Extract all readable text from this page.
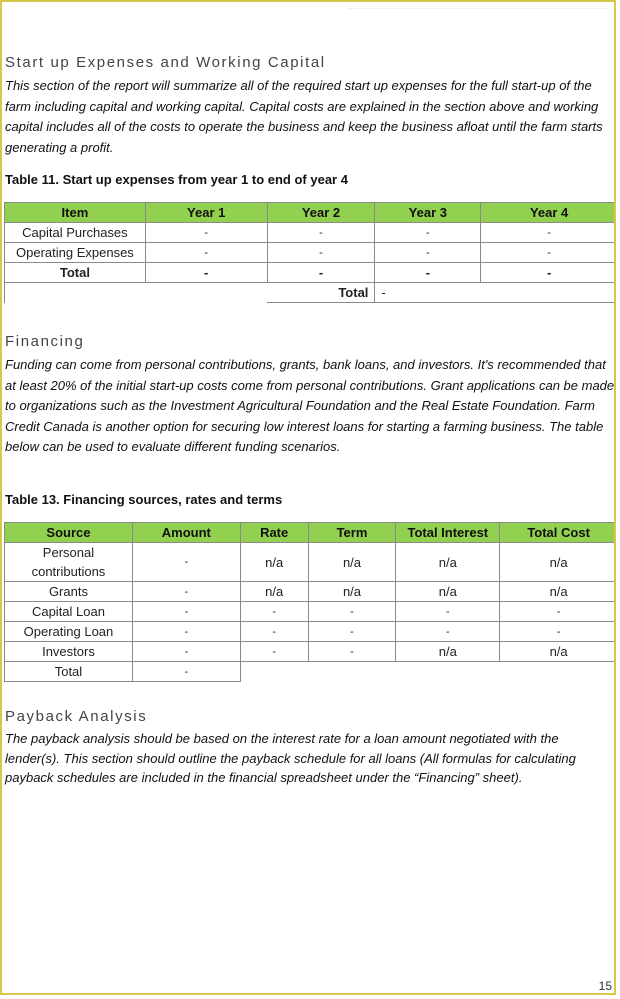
Start up Expenses and Working Capital
This section of the report will summarize all of the required start up expenses for the full start-up of the farm including capital and working capital. Capital costs are explained in the section above and working capital includes all of the costs to operate the business and keep the business afloat until the farm starts generating a profit.
Table 11. Start up expenses from year 1 to end of year 4
Item	Year 1	Year 2	Year 3	Year 4
Capital Purchases	-	-	-	-
Operating Expenses	-	-	-	-
Total	-	-	-	-
		Total	-	
Financing
Funding can come from personal contributions, grants, bank loans, and investors. It's recommended that at least 20% of the initial start-up costs come from personal contributions. Grant applications can be made to organizations such as the Investment Agricultural Foundation and the Real Estate Foundation. Farm Credit Canada is another option for securing low interest loans for starting a farming business. The table below can be used to evaluate different funding scenarios.
Table 13. Financing sources, rates and terms
Source	Amount	Rate	Term	Total Interest	Total Cost
Personal contributions	-	n/a	n/a	n/a	n/a
Grants	-	n/a	n/a	n/a	n/a
Capital Loan	-	-	-	-	-
Operating Loan	-	-	-	-	-
Investors	-	-	-	n/a	n/a
Total	-				
Payback Analysis
The payback analysis should be based on the interest rate for a loan amount negotiated with the lender(s). This section should outline the payback schedule for all loans (All formulas for calculating payback schedules are included in the financial spreadsheet under the “Financing” sheet).
15
